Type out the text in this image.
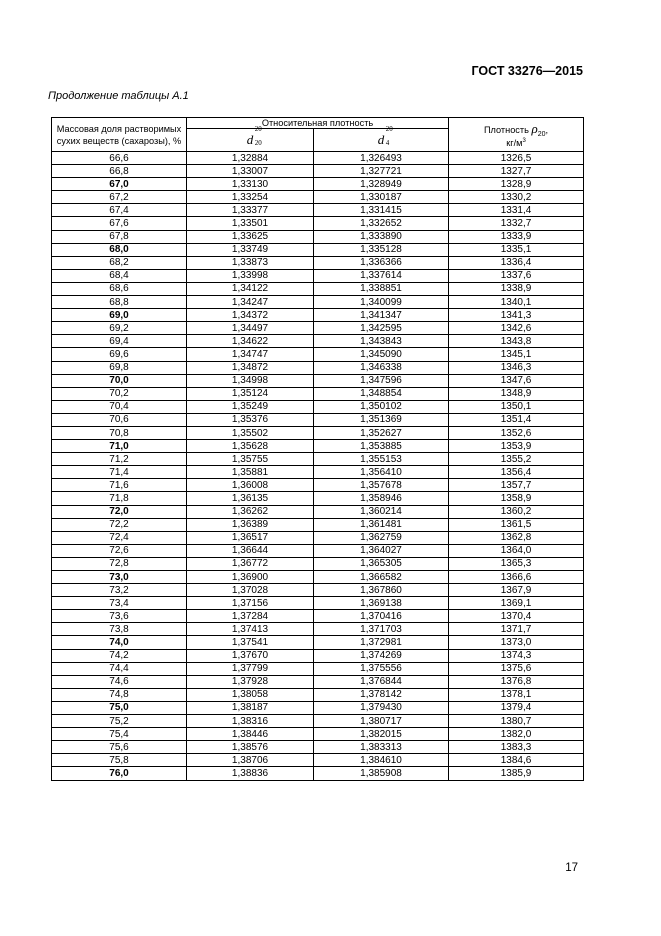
ГОСТ 33276—2015
Продолжение таблицы А.1
Массовая доля растворимых сухих веществ (сахарозы), %	Относительная плотность		Плотность $\rho_{20}$,
$кг/м^3$
	d
20
20	d
20
4	

66,6	1,32884	1,326493	1326,5
66,8	1,33007	1,327721	1327,7
67,0	1,33130	1,328949	1328,9
67,2	1,33254	1,330187	1330,2
67,4	1,33377	1,331415	1331,4
67,6	1,33501	1,332652	1332,7
67,8	1,33625	1,333890	1333,9
68,0	1,33749	1,335128	1335,1
68,2	1,33873	1,336366	1336,4
68,4	1,33998	1,337614	1337,6
68,6	1,34122	1,338851	1338,9
68,8	1,34247	1,340099	1340,1
69,0	1,34372	1,341347	1341,3
69,2	1,34497	1,342595	1342,6
69,4	1,34622	1,343843	1343,8
69,6	1,34747	1,345090	1345,1
69,8	1,34872	1,346338	1346,3
70,0	1,34998	1,347596	1347,6
70,2	1,35124	1,348854	1348,9
70,4	1,35249	1,350102	1350,1
70,6	1,35376	1,351369	1351,4
70,8	1,35502	1,352627	1352,6
71,0	1,35628	1,353885	1353,9
71,2	1,35755	1,355153	1355,2
71,4	1,35881	1,356410	1356,4
71,6	1,36008	1,357678	1357,7
71,8	1,36135	1,358946	1358,9
72,0	1,36262	1,360214	1360,2
72,2	1,36389	1,361481	1361,5
72,4	1,36517	1,362759	1362,8
72,6	1,36644	1,364027	1364,0
72,8	1,36772	1,365305	1365,3
73,0	1,36900	1,366582	1366,6
73,2	1,37028	1,367860	1367,9
73,4	1,37156	1,369138	1369,1
73,6	1,37284	1,370416	1370,4
73,8	1,37413	1,371703	1371,7
74,0	1,37541	1,372981	1373,0
74,2	1,37670	1,374269	1374,3
74,4	1,37799	1,375556	1375,6
74,6	1,37928	1,376844	1376,8
74,8	1,38058	1,378142	1378,1
75,0	1,38187	1,379430	1379,4
75,2	1,38316	1,380717	1380,7
75,4	1,38446	1,382015	1382,0
75,6	1,38576	1,383313	1383,3
75,8	1,38706	1,384610	1384,6
76,0	1,38836	1,385908	1385,9
17
